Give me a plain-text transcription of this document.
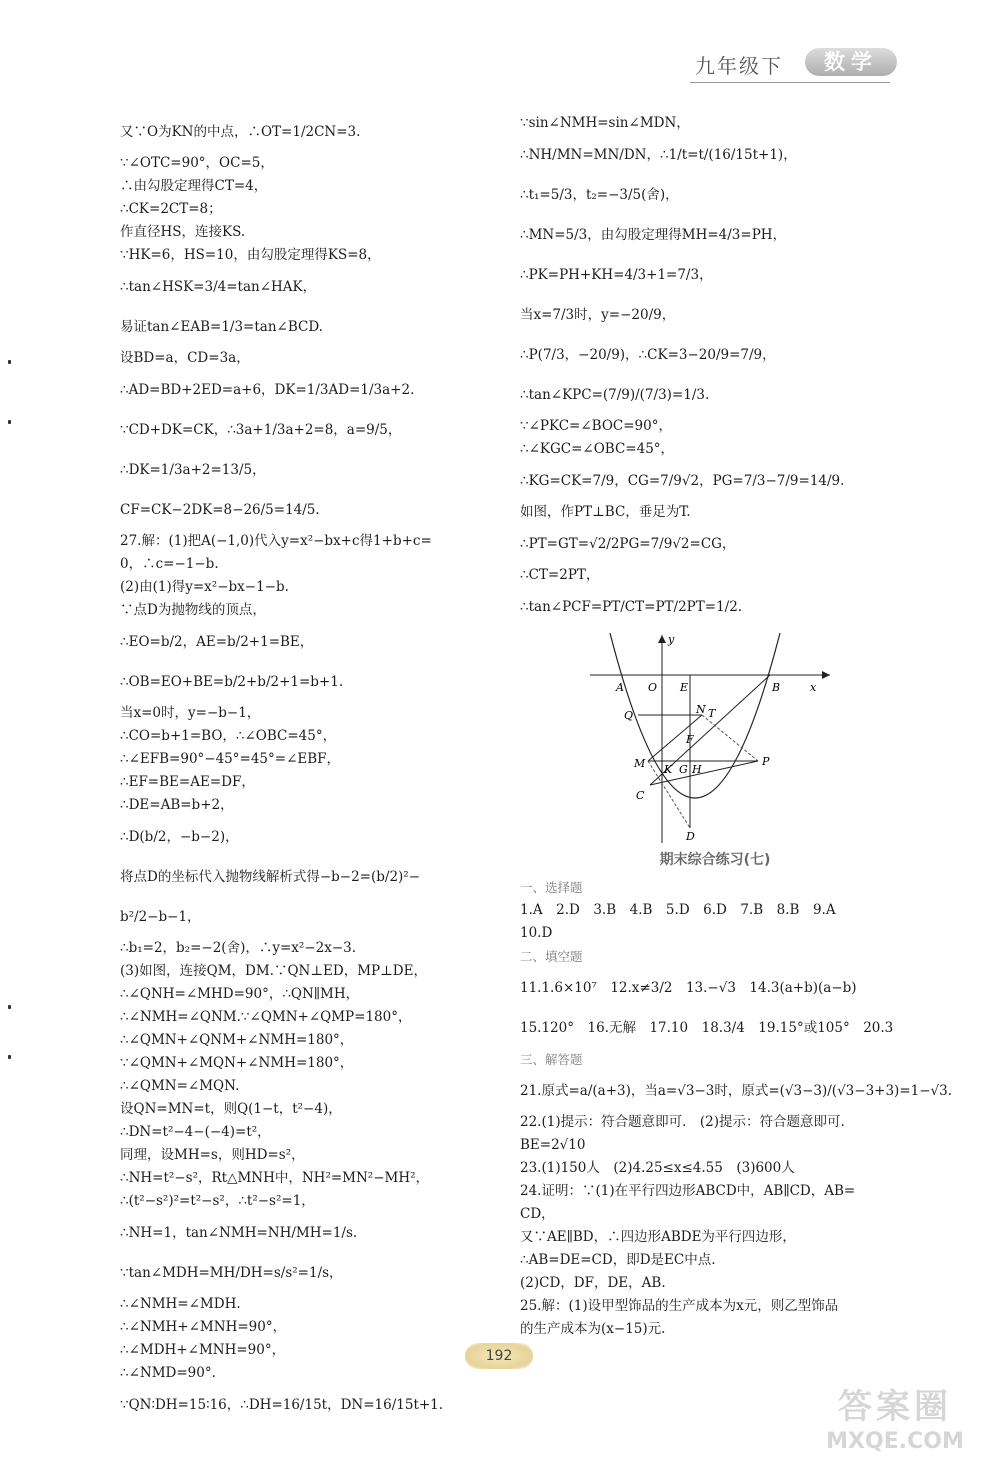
九年级下	数学
又∵O为KN的中点，∴OT=1/2CN=3.
∵∠OTC=90°，OC=5，
∴由勾股定理得CT=4，
∴CK=2CT=8；
作直径HS，连接KS.
∵HK=6，HS=10，由勾股定理得KS=8，
∴tan∠HSK=3/4=tan∠HAK，
易证tan∠EAB=1/3=tan∠BCD.
设BD=a，CD=3a，
∴AD=BD+2ED=a+6，DK=1/3AD=1/3a+2.
∵CD+DK=CK，∴3a+1/3a+2=8，a=9/5，
∴DK=1/3a+2=13/5，
CF=CK−2DK=8−26/5=14/5.
27.解：(1)把A(−1,0)代入y=x²−bx+c得1+b+c=
0，∴c=−1−b.
(2)由(1)得y=x²−bx−1−b.
∵点D为抛物线的顶点，
∴EO=b/2，AE=b/2+1=BE，
∴OB=EO+BE=b/2+b/2+1=b+1.
当x=0时，y=−b−1，
∴CO=b+1=BO，∴∠OBC=45°，
∴∠EFB=90°−45°=45°=∠EBF，
∴EF=BE=AE=DF，
∴DE=AB=b+2，
∴D(b/2，−b−2)，
将点D的坐标代入抛物线解析式得−b−2=(b/2)²−
b²/2−b−1，
∴b₁=2，b₂=−2(舍)，∴y=x²−2x−3.
(3)如图，连接QM，DM.∵QN⊥ED，MP⊥DE，
∴∠QNH=∠MHD=90°，∴QN∥MH，
∴∠NMH=∠QNM.∵∠QMN+∠QMP=180°，
∴∠QMN+∠QNM+∠NMH=180°，
∵∠QMN+∠MQN+∠NMH=180°，
∴∠QMN=∠MQN.
设QN=MN=t，则Q(1−t，t²−4)，
∴DN=t²−4−(−4)=t²，
同理，设MH=s，则HD=s²，
∴NH=t²−s²，Rt△MNH中，NH²=MN²−MH²，
∴(t²−s²)²=t²−s²，∴t²−s²=1，
∴NH=1，tan∠NMH=NH/MH=1/s.
∵tan∠MDH=MH/DH=s/s²=1/s，
∴∠NMH=∠MDH.
∴∠NMH+∠MNH=90°，
∴∠MDH+∠MNH=90°，
∴∠NMD=90°.
∵QN∶DH=15∶16，∴DH=16/15t，DN=16/15t+1.
∵sin∠NMH=sin∠MDN，
∴NH/MN=MN/DN，∴1/t=t/(16/15t+1)，
∴t₁=5/3，t₂=−3/5(舍)，
∴MN=5/3，由勾股定理得MH=4/3=PH，
∴PK=PH+KH=4/3+1=7/3，
当x=7/3时，y=−20/9，
∴P(7/3，−20/9)，∴CK=3−20/9=7/9，
∴tan∠KPC=(7/9)/(7/3)=1/3.
∵∠PKC=∠BOC=90°，
∴∠KGC=∠OBC=45°，
∴KG=CK=7/9，CG=7/9√2，PG=7/3−7/9=14/9.
如图，作PT⊥BC，垂足为T.
∴PT=GT=√2/2PG=7/9√2=CG，
∴CT=2PT，
∴tan∠PCF=PT/CT=PT/2PT=1/2.
y
x
A O E	B
Q	N T
F
M K G H
P
C
D
期末综合练习(七)
一、选择题
1.A　2.D　3.B　4.B　5.D　6.D　7.B　8.B　9.A
10.D
二、填空题
11.1.6×10⁷　12.x≠3/2　13.−√3　14.3(a+b)(a−b)
15.120°　16.无解　17.10　18.3/4　19.15°或105°　20.3
三、解答题
21.原式=a/(a+3)，当a=√3−3时，原式=(√3−3)/(√3−3+3)=1−√3.
22.(1)提示：符合题意即可.　(2)提示：符合题意即可.
BE=2√10
23.(1)150人　(2)4.25≤x≤4.55　(3)600人
24.证明：∵(1)在平行四边形ABCD中，AB∥CD，AB=
CD，
又∵AE∥BD，∴四边形ABDE为平行四边形，
∴AB=DE=CD，即D是EC中点.
(2)CD，DF，DE，AB.
25.解：(1)设甲型饰品的生产成本为x元，则乙型饰品
的生产成本为(x−15)元.
192
答案圈
MXQE.COM
